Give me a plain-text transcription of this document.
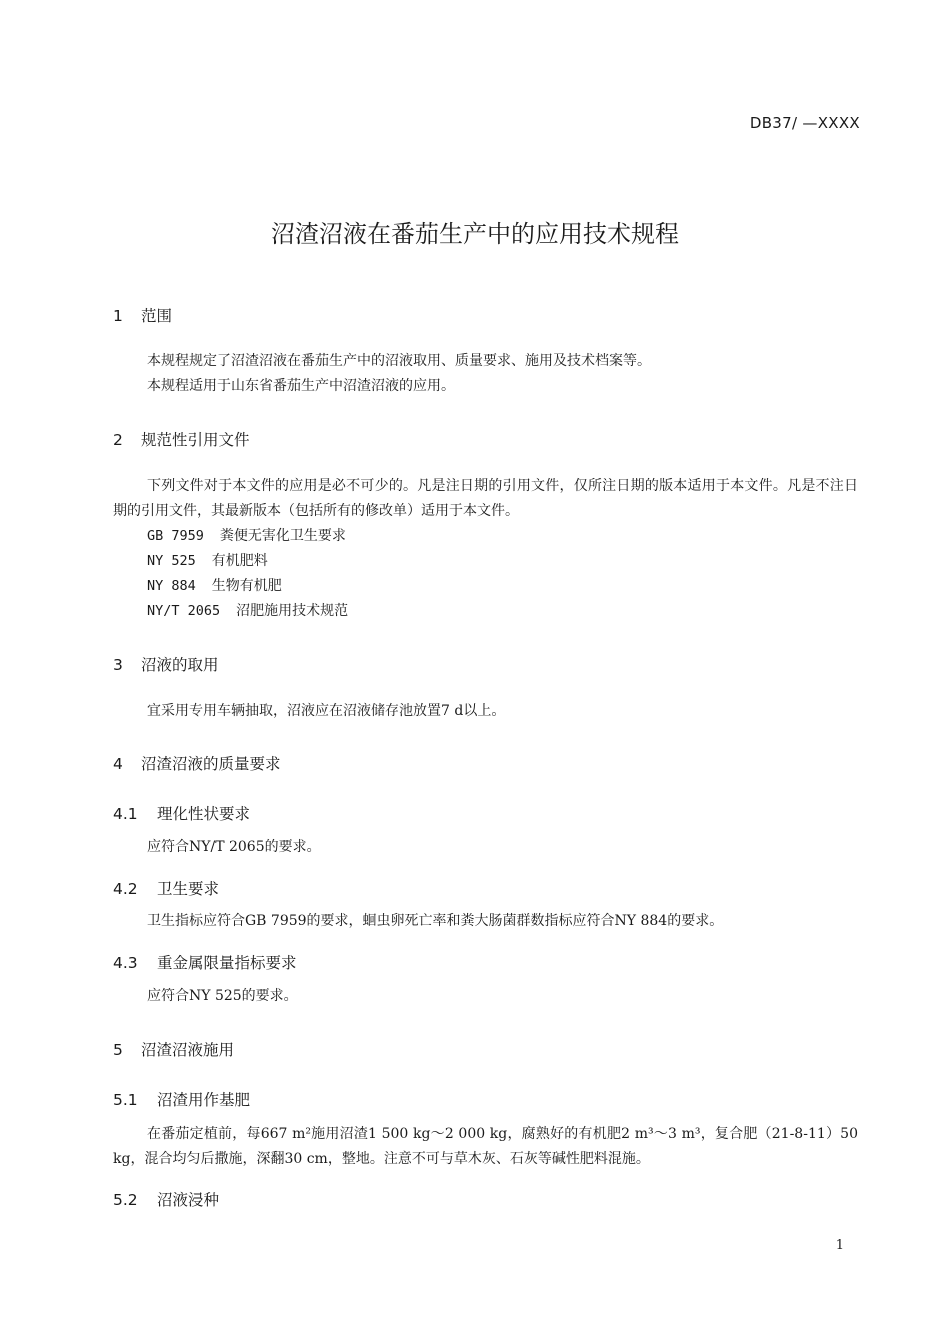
DB37/ —XXXX
沼渣沼液在番茄生产中的应用技术规程
1 范围
本规程规定了沼渣沼液在番茄生产中的沼液取用、质量要求、施用及技术档案等。
本规程适用于山东省番茄生产中沼渣沼液的应用。
2 规范性引用文件
下列文件对于本文件的应用是必不可少的。凡是注日期的引用文件，仅所注日期的版本适用于本文件。凡是不注日期的引用文件，其最新版本（包括所有的修改单）适用于本文件。
GB 7959 粪便无害化卫生要求
NY 525 有机肥料
NY 884 生物有机肥
NY/T 2065 沼肥施用技术规范
3 沼液的取用
宜采用专用车辆抽取，沼液应在沼液储存池放置7 d以上。
4 沼渣沼液的质量要求
4.1 理化性状要求
应符合NY/T 2065的要求。
4.2 卫生要求
卫生指标应符合GB 7959的要求，蛔虫卵死亡率和粪大肠菌群数指标应符合NY 884的要求。
4.3 重金属限量指标要求
应符合NY 525的要求。
5 沼渣沼液施用
5.1 沼渣用作基肥
在番茄定植前，每667 m²施用沼渣1 500 kg～2 000 kg，腐熟好的有机肥2 m³～3 m³，复合肥（21-8-11）50 kg，混合均匀后撒施，深翻30 cm，整地。注意不可与草木灰、石灰等碱性肥料混施。
5.2 沼液浸种
1
